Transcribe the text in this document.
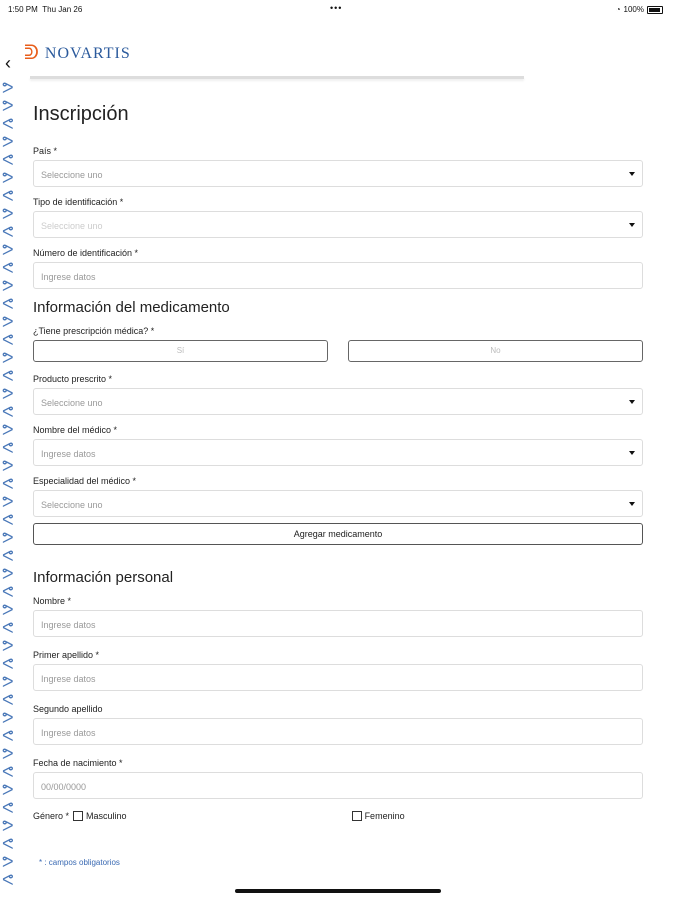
1:50 PM Thu Jan 26	•••	◔ 100%
‹ ᕲ NOVARTIS
ᕗ
ᕗ
ᕙ
ᕗ
ᕙ
ᕗ
ᕙ
ᕗ
ᕙ
ᕗ
ᕙ
ᕗ
ᕙ
ᕗ
ᕙ
ᕗ
ᕙ
ᕗ
ᕙ
ᕗ
ᕙ
ᕗ
ᕙ
ᕗ
ᕙ
ᕗ
ᕙ
ᕗ
ᕙ
ᕗ
ᕙ
ᕗ
ᕙ
ᕗ
ᕙ
ᕗ
ᕙ
ᕗ
ᕙ
ᕗ
ᕙ
ᕗ
ᕙ
ᕗ
ᕙ
Inscripción
País *
Seleccione uno
Tipo de identificación *
Seleccione uno
Número de identificación *
Ingrese datos
Información del medicamento
¿Tiene prescripción médica? *
Sí	No
Producto prescrito *
Seleccione uno
Nombre del médico *
Ingrese datos
Especialidad del médico *
Seleccione uno
Agregar medicamento
Información personal
Nombre *
Ingrese datos
Primer apellido *
Ingrese datos
Segundo apellido
Ingrese datos
Fecha de nacimiento *
00/00/0000
Género * Masculino	Femenino
* : campos obligatorios
